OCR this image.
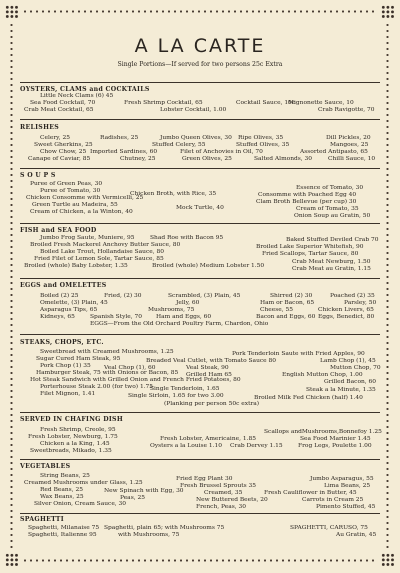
A LA CARTE
Single Portions—If served for two persons 25c Extra
OYSTERS, CLAMS and COCKTAILS
Little Neck Clams (6) 45
Sea Food Cocktail, 70
Crab Meat Cocktail, 65
Fresh Shrimp Cocktail, 65
Lobster Cocktail, 1.00
Cocktail Sauce, 10c
Mignonette Sauce, 10
Crab Ravigotte, 70
RELISHES
Celery, 25
Sweet Gherkins, 25
Chow Chow, 25
Canape of Caviar, 85
Radishes, 25
Imported Sardines, 60
Chutney, 25
Jumbo Queen Olives, 30
Stuffed Celery, 55
Filet of Anchovies in Oil, 70
Green Olives, 25
Ripe Olives, 35
Stuffed Olives, 35
Salted Almonds, 30
Dill Pickles, 20
Mangoes, 25
Assorted Antipasto, 65
Chilli Sauce, 10
S O U P S
Puree of Green Peas, 30
Puree of Tomato, 30
Chicken Consomme with Vermicelli, 25
Green Turtle au Madeira, 55
Cream of Chicken, a la Winton, 40
Chicken Broth, with Rice, 35
Mock Turtle, 40
Essence of Tomato, 30
Consomme with Poached Egg 40
Clam Broth Bellevue (per cup) 30
Cream of Tomato, 35
Onion Soup au Gratin, 50
FISH and SEA FOOD
Jumbo Frog Saute, Muniere, 95
Broiled Fresh Mackerel Anchovy Butter Sauce, 80
Boiled Lake Trout, Hollandaise Sauce, 80
Fried Filet of Lemon Sole, Tartar Sauce, 85
Broiled (whole) Baby Lobster, 1.35
Shad Roe with Bacon 95
Broiled (whole) Medium Lobster 1.50
Baked Stuffed Deviled Crab 70
Broiled Lake Superior Whitefish, 90
Fried Scallops, Tartar Sauce, 80
Crab Meat Newburg, 1.50
Crab Meat au Gratin, 1.15
EGGS and OMELETTES
Boiled (2) 25
Omelette, (3) Plain, 45
Asparagus Tips, 65
Kidneys, 65
Fried, (2) 30
Spanish Style, 70
Scrambled, (3) Plain, 45
Jelly, 60
Mushrooms, 75
Ham and Eggs, 60
Shirred (2) 30
Ham or Bacon, 65
Cheese, 55
Bacon and Eggs, 60
Poached (2) 35
Parsley, 50
Chicken Livers, 65
Eggs, Benedict, 80
EGGS—From the Old Orchard Poultry Farm, Chardon, Ohio
STEAKS, CHOPS, ETC.
Sweetbread with Creamed Mushrooms, 1.25
Sugar Cured Ham Steak, 95
Pork Chop (1) 35
Hamburger Steak, 75 with Onions or Bacon, 85
Hot Steak Sandwich with Grilled Onion and French Fried Potatoes, 80
Porterhouse Steak 2.00 (for two) 1.75
Filet Mignon, 1.41
Pork Tenderloin Saute with Fried Apples, 90
Breaded Veal Cutlet, with Tomato Sauce 80
Veal Chop (1), 60	Veal Steak, 90
Grilled Ham 65
Single Tenderloin, 1.65
Single Sirloin, 1.65 for two 3.00
Lamb Chop (1), 45
Mutton Chop, 70
English Mutton Chop, 1.00
Grilled Bacon, 60
Steak a la Minute, 1.35
Broiled Milk Fed Chicken (half) 1.40
(Planking per person 50c extra)
SERVED IN CHAFING DISH
Fresh Shrimp, Creole, 95
Fresh Lobster, Newburg, 1.75
Chicken a la King, 1.45
Sweetbreads, Mikado, 1.35
Fresh Lobster, Americaine, 1.85
Oysters a la Louise 1.10 Crab Dervey 1.15
Scallops andMushrooms,Bonnefoy 1.25
Sea Food Marinier 1.45
Frog Legs, Poulette 1.00
VEGETABLES
String Beans, 25
Creamed Mushrooms under Glass, 1.25
Red Beans, 25
Wax Beans, 25
Silver Onion, Cream Sauce, 30
Fried Egg Plant 30
New Spinach with Egg, 30
Peas, 25
Fresh Brussel Sprouts 35
Creamed, 35
New Buttered Beets, 20
French, Peas, 30
Jumbo Asparagus, 55
Lima Beans, 25
Fresh Cauliflower in Butter, 45
Carrots in Cream 25
Pimento Stuffed, 45
SPAGHETTI
Spaghetti, Milanaise 75
Spaghetti, Italienne 95
Spaghetti, plain 65; with Mushrooms 75
with Mushrooms, 75
SPAGHETTI, CARUSO, 75
Au Gratin, 45
